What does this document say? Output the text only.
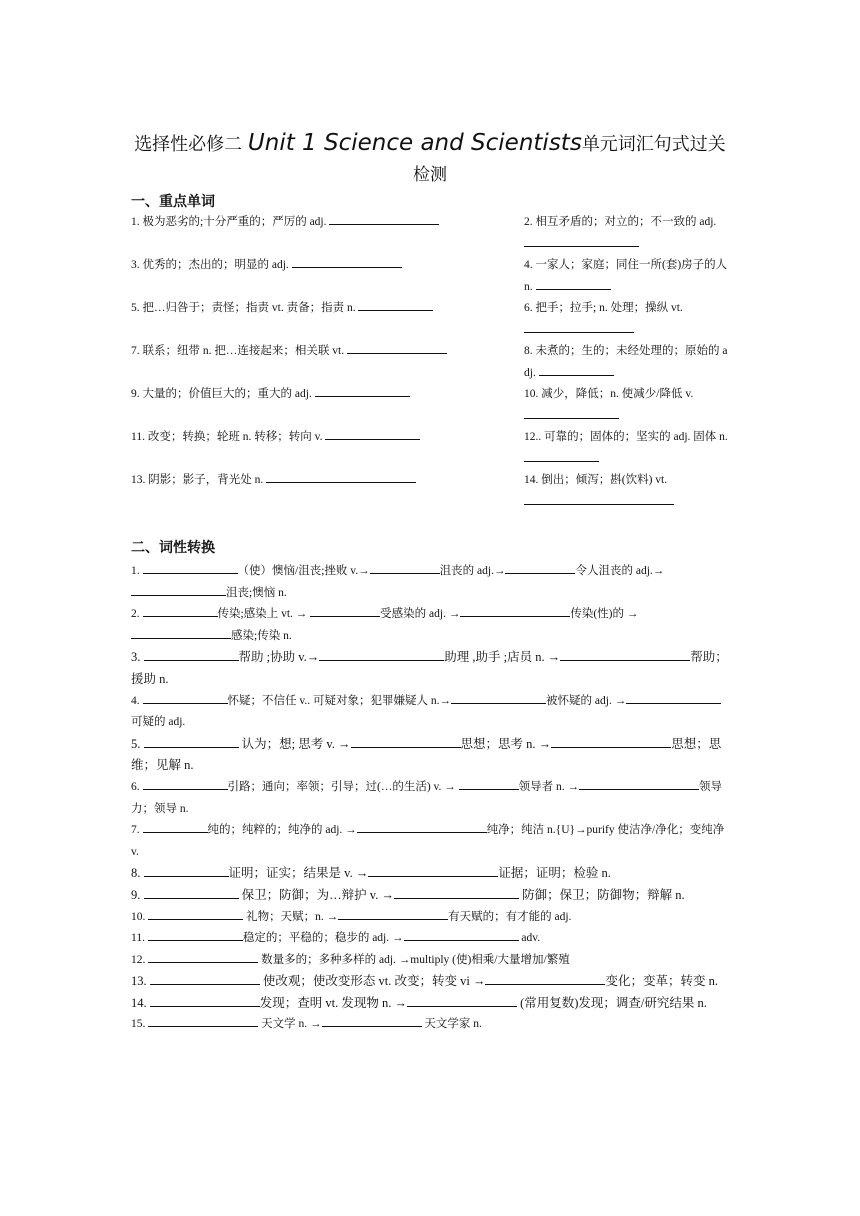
选择性必修二 Unit 1 Science and Scientists单元词汇句式过关
检测
一、重点单词
1. 极为恶劣的;十分严重的；严厉的 adj.	2. 相互矛盾的；对立的；不一致的 adj.
3. 优秀的；杰出的；明显的 adj.	4. 一家人；家庭；同住一所(套)房子的人 n.
5. 把…归咎于；责怪；指责 vt. 责备；指责 n.	6. 把手；拉手; n. 处理；操纵 vt.
7. 联系；纽带 n. 把…连接起来；相关联 vt.	8. 未煮的；生的；未经处理的；原始的 adj.
9. 大量的；价值巨大的；重大的 adj.	10. 减少，降低；n. 使减少/降低 v.
11. 改变；转换；轮班 n. 转移；转向 v.	12.. 可靠的；固体的；坚实的 adj. 固体 n.
13. 阴影；影子，背光处 n.	14. 倒出；倾泻；斟(饮料) vt.
二、词性转换
1.	（使）懊恼/沮丧;挫败 v.→	沮丧的 adj.→	令人沮丧的 adj.→沮丧;懊恼 n.
2.	传染;感染上 vt. →	受感染的 adj. →	传染(性)的 →感染;传染 n.
3.	帮助 ;协助 v.→	助理 ,助手 ;店员 n. →	帮助；援助 n.
4.	怀疑；不信任 v.. 可疑对象；犯罪嫌疑人 n.→	被怀疑的 adj. →可疑的 adj.
5.	认为；想; 思考 v. →	思想；思考 n. →	思想；思维；见解 n.
6.	引路；通向；率领；引导；过(…的生活) v. →	领导者 n. →	领导力；领导 n.
7.	纯的；纯粹的；纯净的 adj. →	纯净；纯洁 n.{U}→purify 使洁净/净化；变纯净 v.
8.	证明；证实；结果是 v. →	证据；证明；检验 n.
9.	保卫；防御；为…辩护 v. →	防御；保卫；防御物；辩解 n.
10.	礼物；天赋；n. →	有天赋的；有才能的 adj.
11.	稳定的；平稳的；稳步的 adj. →	adv.
12.	数量多的；多种多样的 adj. →multiply (使)相乘/大量增加/繁殖
13.	使改观；使改变形态 vt. 改变；转变 vi →	变化；变革；转变 n.
14.	发现；查明 vt. 发现物 n. →	(常用复数)发现；调查/研究结果 n.
15.	天文学 n. →	天文学家 n.
